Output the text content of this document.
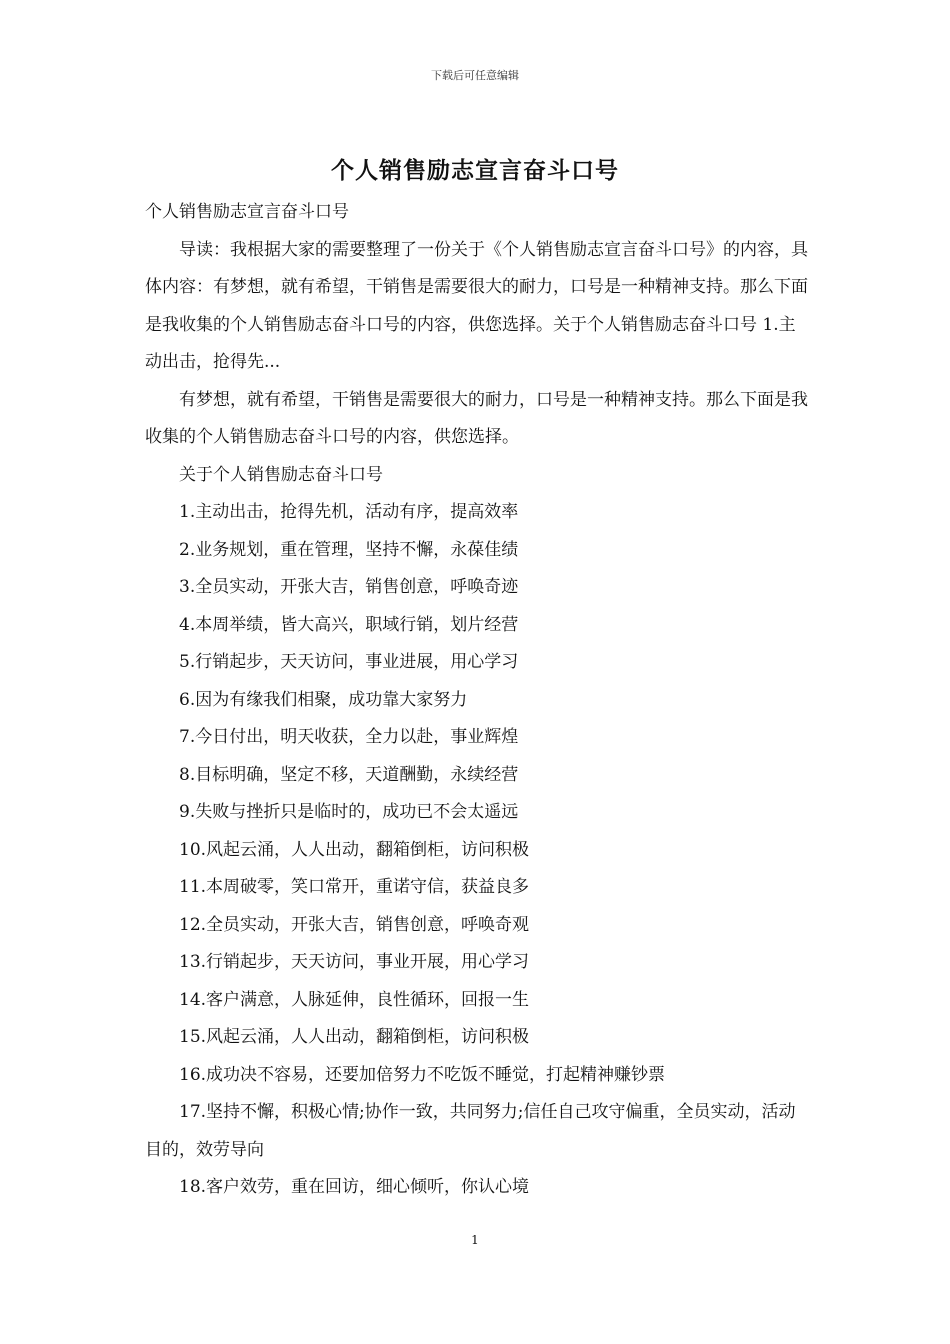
下载后可任意编辑
个人销售励志宣言奋斗口号

个人销售励志宣言奋斗口号

导读：我根据大家的需要整理了一份关于《个人销售励志宣言奋斗口号》的内容，具体内容：有梦想，就有希望，干销售是需要很大的耐力，口号是一种精神支持。那么下面是我收集的个人销售励志奋斗口号的内容，供您选择。关于个人销售励志奋斗口号 1.主动出击，抢得先...

有梦想，就有希望，干销售是需要很大的耐力，口号是一种精神支持。那么下面是我收集的个人销售励志奋斗口号的内容，供您选择。

关于个人销售励志奋斗口号

1.主动出击，抢得先机，活动有序，提高效率

2.业务规划，重在管理，坚持不懈，永葆佳绩

3.全员实动，开张大吉，销售创意，呼唤奇迹

4.本周举绩，皆大高兴，职域行销，划片经营

5.行销起步，天天访问，事业进展，用心学习

6.因为有缘我们相聚，成功靠大家努力

7.今日付出，明天收获，全力以赴，事业辉煌

8.目标明确，坚定不移，天道酬勤，永续经营

9.失败与挫折只是临时的，成功已不会太遥远

10.风起云涌，人人出动，翻箱倒柜，访问积极

11.本周破零，笑口常开，重诺守信，获益良多

12.全员实动，开张大吉，销售创意，呼唤奇观

13.行销起步，天天访问，事业开展，用心学习

14.客户满意，人脉延伸，良性循环，回报一生

15.风起云涌，人人出动，翻箱倒柜，访问积极

16.成功决不容易，还要加倍努力不吃饭不睡觉，打起精神赚钞票

17.坚持不懈，积极心情;协作一致，共同努力;信任自己攻守偏重，全员实动，活动目的，效劳导向

18.客户效劳，重在回访，细心倾听，你认心境

1
